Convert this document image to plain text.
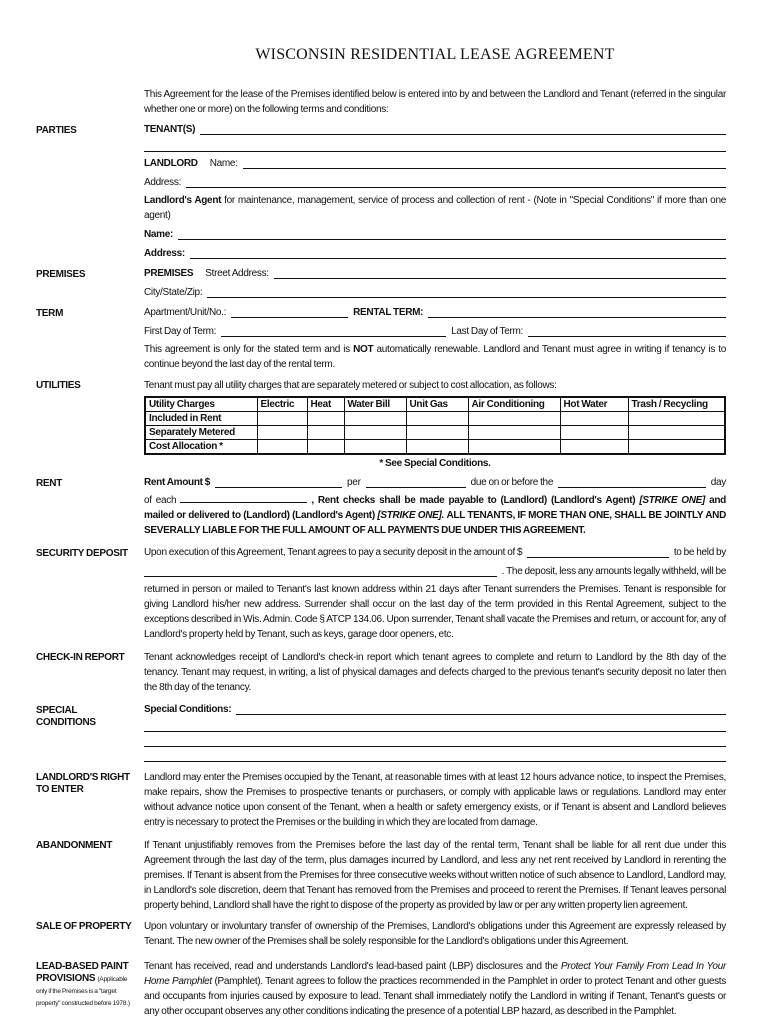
WISCONSIN RESIDENTIAL LEASE AGREEMENT

This Agreement for the lease of the Premises identified below is entered into by and between the Landlord and Tenant (referred in the singular whether one or more) on the following terms and conditions:

PARTIES	TENANT(S)
LANDLORD Name:
Address:

Landlord's Agent for maintenance, management, service of process and collection of rent - (Note in "Special Conditions" if more than one agent)

Name:
Address:
PREMISES	PREMISES Street Address:
City/State/Zip:
TERM	Apartment/Unit/No.:	RENTAL TERM:
First Day of Term:	Last Day of Term:

This agreement is only for the stated term and is NOT automatically renewable. Landlord and Tenant must agree in writing if tenancy is to continue beyond the last day of the rental term.

UTILITIES	Tenant must pay all utility charges that are separately metered or subject to cost allocation, as follows:

Utility Charges	Electric	Heat	Water Bill	Unit Gas	Air Conditioning	Hot Water	Trash / Recycling
Included in Rent							
Separately Metered							
Cost Allocation *							
* See Special Conditions.
RENT	Rent Amount $	per	due on or before the	day

of each	, Rent checks shall be made payable to (Landlord) (Landlord's Agent) [STRIKE ONE] and mailed or delivered to (Landlord) (Landlord's Agent) [STRIKE ONE]. ALL TENANTS, IF MORE THAN ONE, SHALL BE JOINTLY AND SEVERALLY LIABLE FOR THE FULL AMOUNT OF ALL PAYMENTS DUE UNDER THIS AGREEMENT.

SECURITY DEPOSIT	Upon execution of this Agreement, Tenant agrees to pay a security deposit in the amount of $	to be held by
. The deposit, less any amounts legally withheld, will be

returned in person or mailed to Tenant's last known address within 21 days after Tenant surrenders the Premises. Tenant is responsible for giving Landlord his/her new address. Surrender shall occur on the last day of the term provided in this Rental Agreement, subject to the exceptions described in Wis. Admin. Code § ATCP 134.06. Upon surrender, Tenant shall vacate the Premises and return, or account for, any of Landlord's property held by Tenant, such as keys, garage door openers, etc.

CHECK-IN REPORT	Tenant acknowledges receipt of Landlord's check-in report which tenant agrees to complete and return to Landlord by the 8th day of the tenancy. Tenant may request, in writing, a list of physical damages and defects charged to the previous tenant's security deposit no later then the 8th day of the tenancy.

SPECIAL CONDITIONS
Special Conditions:
LANDLORD'S RIGHT TO ENTER

Landlord may enter the Premises occupied by the Tenant, at reasonable times with at least 12 hours advance notice, to inspect the Premises, make repairs, show the Premises to prospective tenants or purchasers, or comply with applicable laws or regulations. Landlord may enter without advance notice upon consent of the Tenant, when a health or safety emergency exists, or if Tenant is absent and Landlord believes entry is necessary to protect the Premises or the building in which they are located from damage.

ABANDONMENT	If Tenant unjustifiably removes from the Premises before the last day of the rental term, Tenant shall be liable for all rent due under this Agreement through the last day of the term, plus damages incurred by Landlord, and less any net rent received by Landlord in rerenting the premises. If Tenant is absent from the Premises for three consecutive weeks without written notice of such absence to Landlord, Landlord may, in Landlord's sole discretion, deem that Tenant has removed from the Premises and proceed to rerent the Premises. If Tenant leaves personal property behind, Landlord shall have the right to dispose of the property as provided by law or per any written property lien agreement.

SALE OF PROPERTY	Upon voluntary or involuntary transfer of ownership of the Premises, Landlord's obligations under this Agreement are expressly released by Tenant. The new owner of the Premises shall be solely responsible for the Landlord's obligations under this Agreement.

LEAD-BASED PAINT PROVISIONS (Applicable only if the Premises is a "target property" constructed before 1978.)

Tenant has received, read and understands Landlord's lead-based paint (LBP) disclosures and the Protect Your Family From Lead In Your Home Pamphlet (Pamphlet). Tenant agrees to follow the practices recommended in the Pamphlet in order to protect Tenant and other guests and occupants from injuries caused by exposure to lead. Tenant shall immediately notify the Landlord in writing if Tenant, Tenant's guests or any other occupant observes any other conditions indicating the presence of a potential LBP hazard, as described in the Pamphlet.
